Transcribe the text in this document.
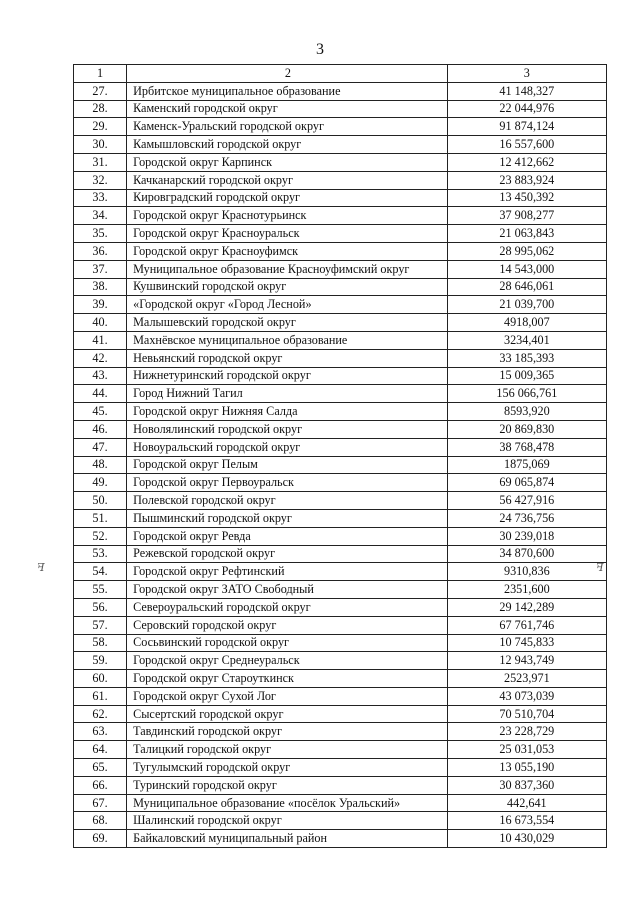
3
ꟻ	ꟻ
1	2	3
27.	Ирбитское муниципальное образование	41 148,327
28.	Каменский городской округ	22 044,976
29.	Каменск-Уральский городской округ	91 874,124
30.	Камышловский городской округ	16 557,600
31.	Городской округ Карпинск	12 412,662
32.	Качканарский городской округ	23 883,924
33.	Кировградский городской округ	13 450,392
34.	Городской округ Краснотурьинск	37 908,277
35.	Городской округ Красноуральск	21 063,843
36.	Городской округ Красноуфимск	28 995,062
37.	Муниципальное образование Красноуфимский округ	14 543,000
38.	Кушвинский городской округ	28 646,061
39.	«Городской округ «Город Лесной»	21 039,700
40.	Малышевский городской округ	4918,007
41.	Махнёвское муниципальное образование	3234,401
42.	Невьянский городской округ	33 185,393
43.	Нижнетуринский городской округ	15 009,365
44.	Город Нижний Тагил	156 066,761
45.	Городской округ Нижняя Салда	8593,920
46.	Новолялинский городской округ	20 869,830
47.	Новоуральский городской округ	38 768,478
48.	Городской округ Пелым	1875,069
49.	Городской округ Первоуральск	69 065,874
50.	Полевской городской округ	56 427,916
51.	Пышминский городской округ	24 736,756
52.	Городской округ Ревда	30 239,018
53.	Режевской городской округ	34 870,600
54.	Городской округ Рефтинский	9310,836
55.	Городской округ ЗАТО Свободный	2351,600
56.	Североуральский городской округ	29 142,289
57.	Серовский городской округ	67 761,746
58.	Сосьвинский городской округ	10 745,833
59.	Городской округ Среднеуральск	12 943,749
60.	Городской округ Староуткинск	2523,971
61.	Городской округ Сухой Лог	43 073,039
62.	Сысертский городской округ	70 510,704
63.	Тавдинский городской округ	23 228,729
64.	Талицкий городской округ	25 031,053
65.	Тугулымский городской округ	13 055,190
66.	Туринский городской округ	30 837,360
67.	Муниципальное образование «посёлок Уральский»	442,641
68.	Шалинский городской округ	16 673,554
69.	Байкаловский муниципальный район	10 430,029
